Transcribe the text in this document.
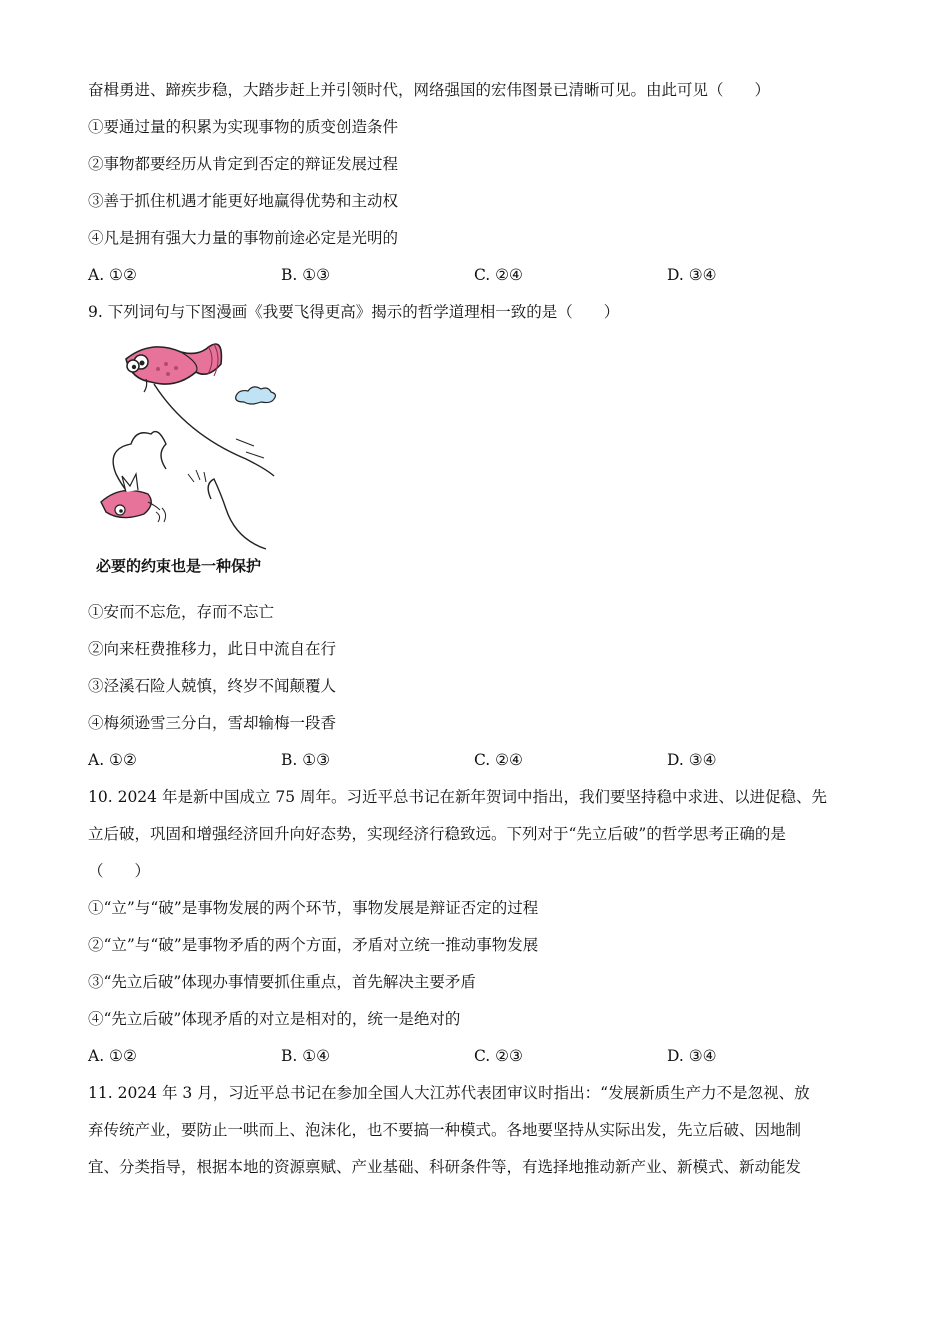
奋楫勇进、蹄疾步稳，大踏步赶上并引领时代，网络强国的宏伟图景已清晰可见。由此可见（　　）
①要通过量的积累为实现事物的质变创造条件
②事物都要经历从肯定到否定的辩证发展过程
③善于抓住机遇才能更好地赢得优势和主动权
④凡是拥有强大力量的事物前途必定是光明的
A. ①②	B. ①③	C. ②④	D. ③④
9. 下列词句与下图漫画《我要飞得更高》揭示的哲学道理相一致的是（　　）
必要的约束也是一种保护
①安而不忘危，存而不忘亡
②向来枉费推移力，此日中流自在行
③泾溪石险人兢慎，终岁不闻颠覆人
④梅须逊雪三分白，雪却输梅一段香
A. ①②	B. ①③	C. ②④	D. ③④
10. 2024 年是新中国成立 75 周年。习近平总书记在新年贺词中指出，我们要坚持稳中求进、以进促稳、先
立后破，巩固和增强经济回升向好态势，实现经济行稳致远。下列对于“先立后破”的哲学思考正确的是
（　　）
①“立”与“破”是事物发展的两个环节，事物发展是辩证否定的过程
②“立”与“破”是事物矛盾的两个方面，矛盾对立统一推动事物发展
③“先立后破”体现办事情要抓住重点，首先解决主要矛盾
④“先立后破”体现矛盾的对立是相对的，统一是绝对的
A. ①②	B. ①④	C. ②③	D. ③④
11. 2024 年 3 月，习近平总书记在参加全国人大江苏代表团审议时指出：“发展新质生产力不是忽视、放
弃传统产业，要防止一哄而上、泡沫化，也不要搞一种模式。各地要坚持从实际出发，先立后破、因地制
宜、分类指导，根据本地的资源禀赋、产业基础、科研条件等，有选择地推动新产业、新模式、新动能发
